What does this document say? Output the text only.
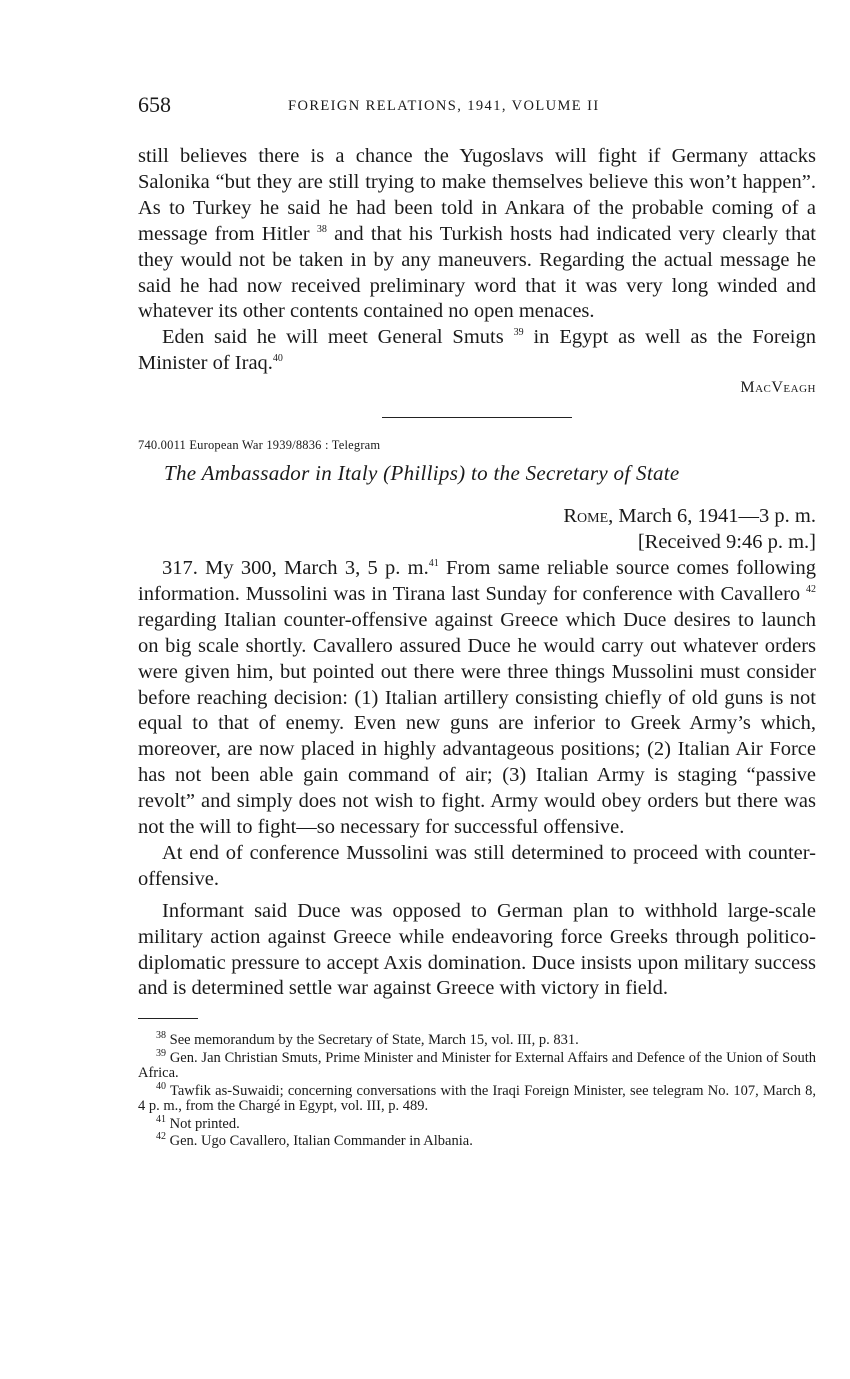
658	FOREIGN RELATIONS, 1941, VOLUME II

still believes there is a chance the Yugoslavs will fight if Germany attacks Salonika “but they are still trying to make themselves believe this won’t happen”. As to Turkey he said he had been told in Ankara of the probable coming of a message from Hitler $^{38}$ and that his Turkish hosts had indicated very clearly that they would not be taken in by any maneuvers. Regarding the actual message he said he had now received preliminary word that it was very long winded and whatever its other contents contained no open menaces.

Eden said he will meet General Smuts $^{39}$ in Egypt as well as the Foreign Minister of Iraq.$^{40}$

MacVeagh
740.0011 European War 1939/8836 : Telegram
The Ambassador in Italy (Phillips) to the Secretary of State
Rome, March 6, 1941—3 p. m.
[Received 9:46 p. m.]

317. My 300, March 3, 5 p. m.$^{41}$ From same reliable source comes following information. Mussolini was in Tirana last Sunday for conference with Cavallero $^{42}$ regarding Italian counter-offensive against Greece which Duce desires to launch on big scale shortly. Cavallero assured Duce he would carry out whatever orders were given him, but pointed out there were three things Mussolini must consider before reaching decision: (1) Italian artillery consisting chiefly of old guns is not equal to that of enemy. Even new guns are inferior to Greek Army’s which, moreover, are now placed in highly advantageous positions; (2) Italian Air Force has not been able gain command of air; (3) Italian Army is staging “passive revolt” and simply does not wish to fight. Army would obey orders but there was not the will to fight—so necessary for successful offensive.

At end of conference Mussolini was still determined to proceed with counter-offensive.

Informant said Duce was opposed to German plan to withhold large-scale military action against Greece while endeavoring force Greeks through politico-diplomatic pressure to accept Axis domination. Duce insists upon military success and is determined settle war against Greece with victory in field.

$^{38}$ See memorandum by the Secretary of State, March 15, vol. III, p. 831.

$^{39}$ Gen. Jan Christian Smuts, Prime Minister and Minister for External Affairs and Defence of the Union of South Africa.

$^{40}$ Tawfik as-Suwaidi; concerning conversations with the Iraqi Foreign Minister, see telegram No. 107, March 8, 4 p. m., from the Chargé in Egypt, vol. III, p. 489.

$^{41}$ Not printed.

$^{42}$ Gen. Ugo Cavallero, Italian Commander in Albania.
